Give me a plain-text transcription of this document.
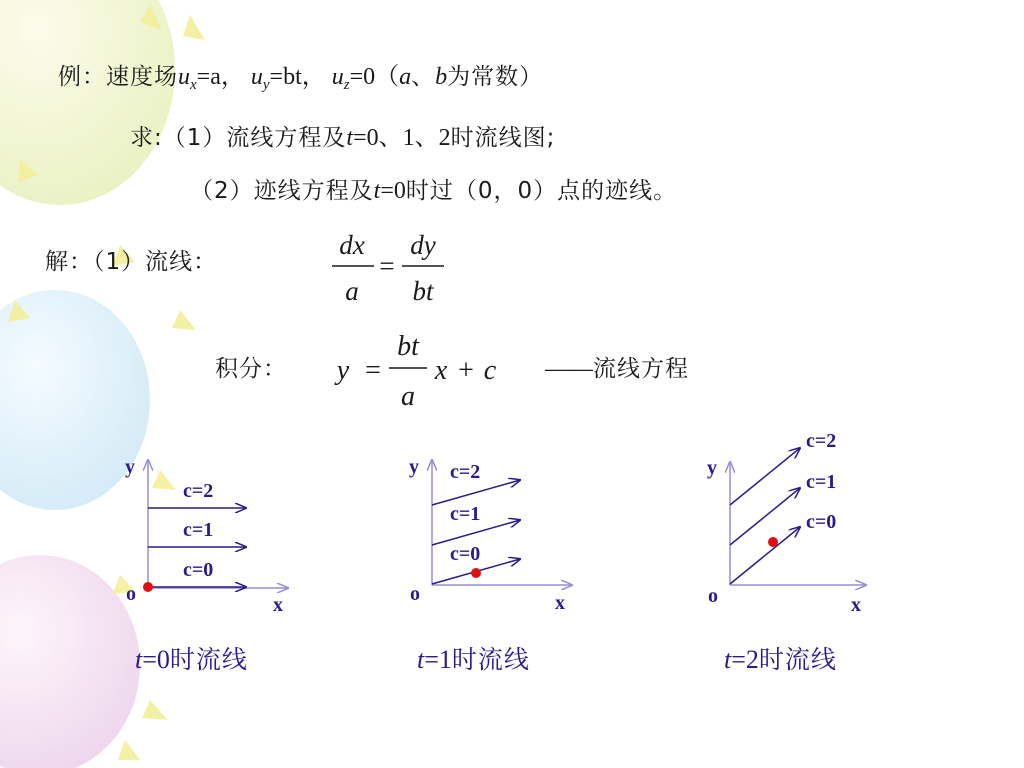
例：速度场$u_x=a$， $u_y=bt$， $u_z=0(a$、b为常数）
求:（1）流线方程及t=0、1、2时流线图;
（2）迹线方程及t=0时过（0，0）点的迹线。
解：（1）流线：
dx
a
=
dy
bt
积分： y =
bt
a
x + c ——流线方程
y
x
o
c=2
c=1
c=0
y
x
o
c=2
c=1
c=0
y
x
o
c=2
c=1
c=0
t=0时流线	t=1时流线	t=2时流线
